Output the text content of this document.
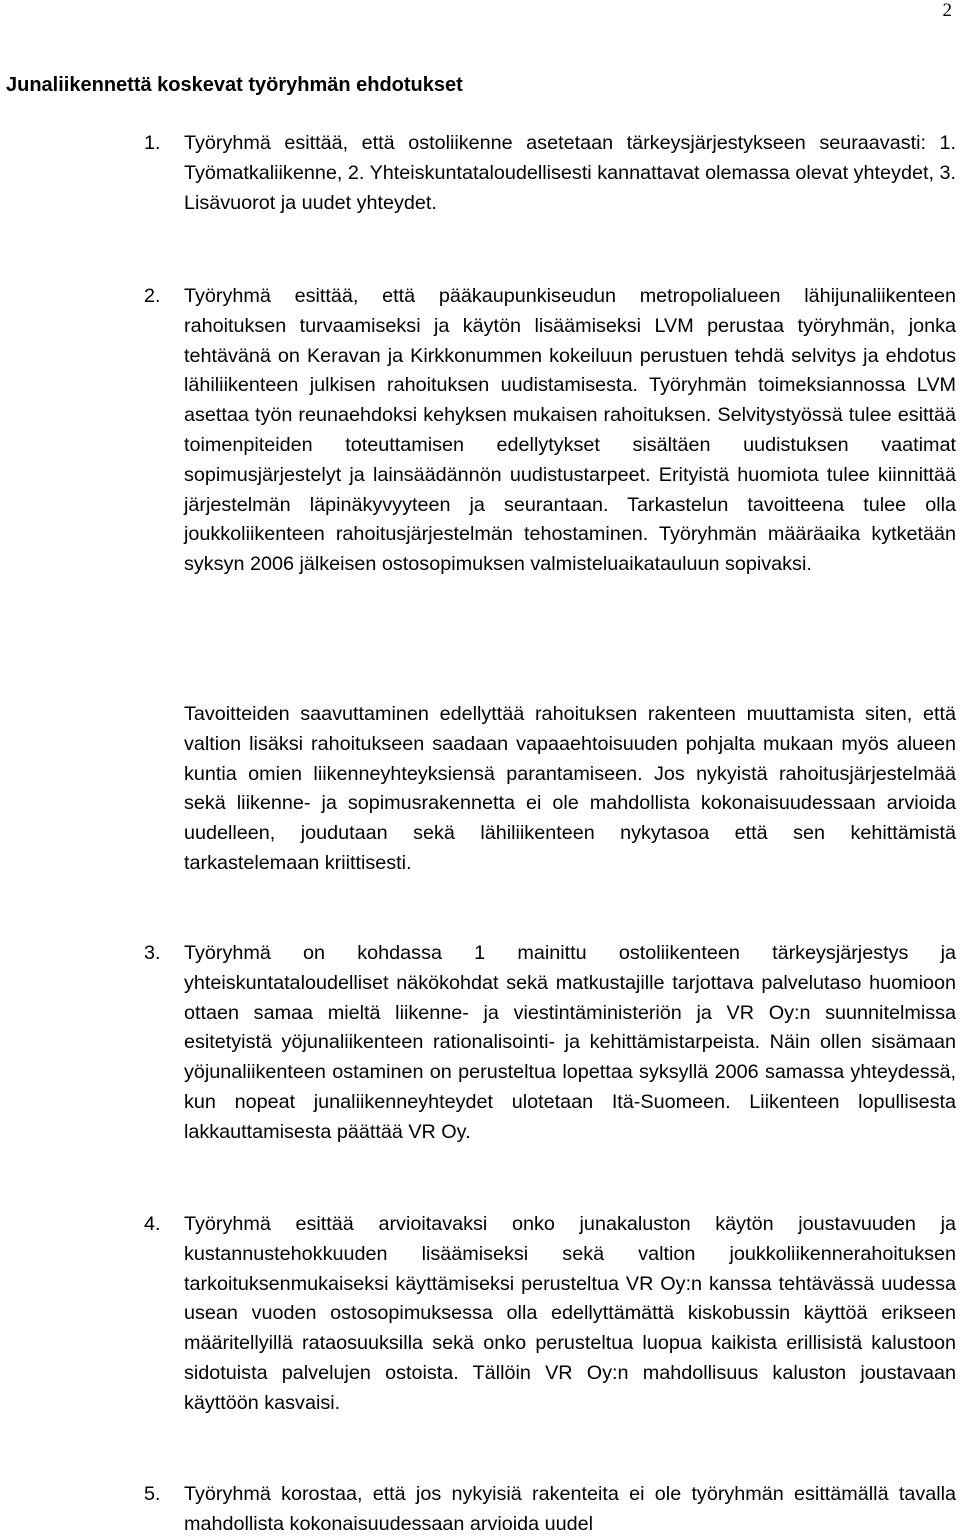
2
Junaliikennettä koskevat työryhmän ehdotukset
1. Työryhmä esittää, että ostoliikenne asetetaan tärkeysjärjestykseen seuraavasti: 1. Työmatkaliikenne, 2. Yhteiskuntataloudellisesti kannattavat olemassa olevat yhteydet, 3. Lisävuorot ja uudet yhteydet.

2. Työryhmä esittää, että pääkaupunkiseudun metropolialueen lähijunaliikenteen rahoituksen turvaamiseksi ja käytön lisäämiseksi LVM perustaa työryhmän, jonka tehtävänä on Keravan ja Kirkkonummen kokeiluun perustuen tehdä selvitys ja ehdotus lähiliikenteen julkisen rahoituksen uudistamisesta. Työryhmän toimeksiannossa LVM asettaa työn reunaehdoksi kehyksen mukaisen rahoituksen. Selvitystyössä tulee esittää toimenpiteiden toteuttamisen edellytykset sisältäen uudistuksen vaatimat sopimusjärjestelyt ja lainsäädännön uudistustarpeet. Erityistä huomiota tulee kiinnittää järjestelmän läpinäkyvyyteen ja seurantaan. Tarkastelun tavoitteena tulee olla joukkoliikenteen rahoitusjärjestelmän tehostaminen. Työryhmän määräaika kytketään syksyn 2006 jälkeisen ostosopimuksen valmisteluaikatauluun sopivaksi.

Tavoitteiden saavuttaminen edellyttää rahoituksen rakenteen muuttamista siten, että valtion lisäksi rahoitukseen saadaan vapaaehtoisuuden pohjalta mukaan myös alueen kuntia omien liikenneyhteyksiensä parantamiseen. Jos nykyistä rahoitusjärjestelmää sekä liikenne- ja sopimusrakennetta ei ole mahdollista kokonaisuudessaan arvioida uudelleen, joudutaan sekä lähiliikenteen nykytasoa että sen kehittämistä tarkastelemaan kriittisesti.

3. Työryhmä on kohdassa 1 mainittu ostoliikenteen tärkeysjärjestys ja yhteiskuntataloudelliset näkökohdat sekä matkustajille tarjottava palvelutaso huomioon ottaen samaa mieltä liikenne- ja viestintäministeriön ja VR Oy:n suunnitelmissa esitetyistä yöjunaliikenteen rationalisointi- ja kehittämistarpeista. Näin ollen sisämaan yöjunaliikenteen ostaminen on perusteltua lopettaa syksyllä 2006 samassa yhteydessä, kun nopeat junaliikenneyhteydet ulotetaan Itä-Suomeen. Liikenteen lopullisesta lakkauttamisesta päättää VR Oy.

4. Työryhmä esittää arvioitavaksi onko junakaluston käytön joustavuuden ja kustannustehokkuuden lisäämiseksi sekä valtion joukkoliikennerahoituksen tarkoituksenmukaiseksi käyttämiseksi perusteltua VR Oy:n kanssa tehtävässä uudessa usean vuoden ostosopimuksessa olla edellyttämättä kiskobussin käyttöä erikseen määritellyillä rataosuuksilla sekä onko perusteltua luopua kaikista erillisistä kalustoon sidotuista palvelujen ostoista. Tällöin VR Oy:n mahdollisuus kaluston joustavaan käyttöön kasvaisi.

5. Työryhmä korostaa, että jos nykyisiä rakenteita ei ole työryhmän esittämällä tavalla mahdollista kokonaisuudessaan arvioida uudel
